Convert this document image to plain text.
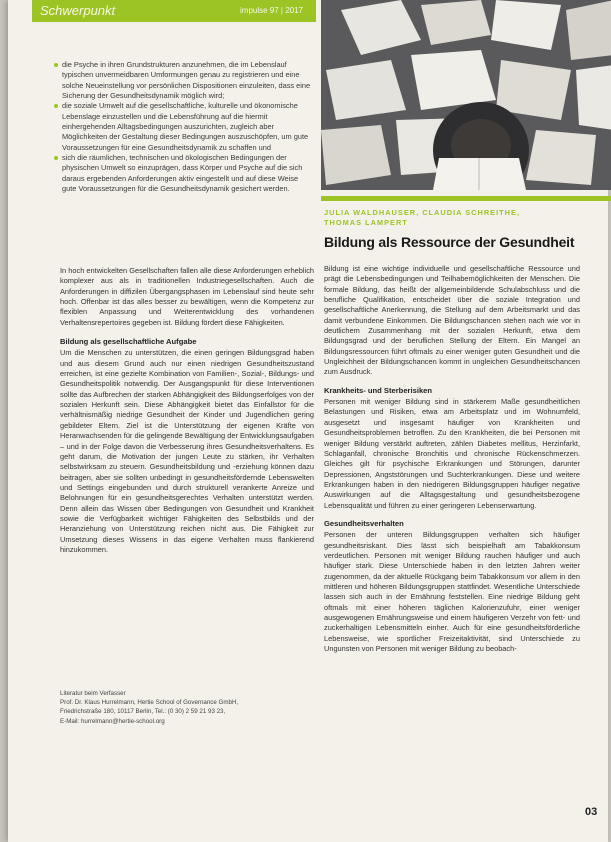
Schwerpunkt	impulse 97 | 2017
die Psyche in ihren Grundstrukturen anzunehmen, die im Lebenslauf typischen unvermeidbaren Umformungen genau zu registrieren und eine solche Neueinstellung vor persönlichen Dispositionen einzuleiten, dass eine Sicherung der Gesundheitsdynamik möglich wird;
die soziale Umwelt auf die gesellschaftliche, kulturelle und ökonomische Lebenslage einzustellen und die Lebensführung auf die hiermit einhergehenden Alltagsbedingungen auszurichten, zugleich aber Möglichkeiten der Gestaltung dieser Bedingungen auszuschöpfen, um gute Voraussetzungen für eine Gesundheitsdynamik zu schaffen und
sich die räumlichen, technischen und ökologischen Bedingungen der physischen Umwelt so einzuprägen, dass Körper und Psyche auf die sich daraus ergebenden Anforderungen aktiv eingestellt und auf diese Weise gute Voraussetzungen für die Gesundheitsdynamik gesichert werden.

In hoch entwickelten Gesellschaften fallen alle diese Anforderungen erheblich komplexer aus als in traditionellen Industriegesellschaften. Auch die Anforderungen in diffizilen Übergangsphasen im Lebenslauf sind heute sehr hoch. Offenbar ist das alles besser zu bewältigen, wenn die Kompetenz zur flexiblen Anpassung und Weiterentwicklung des vorhandenen Verhaltensrepertoires gegeben ist. Bildung fördert diese Fähigkeiten.

Bildung als gesellschaftliche Aufgabe

Um die Menschen zu unterstützen, die einen geringen Bildungsgrad haben und aus diesem Grund auch nur einen niedrigen Gesundheitszustand erreichen, ist eine gezielte Kombination von Familien-, Sozial-, Bildungs- und Gesundheitspolitik notwendig. Der Ausgangspunkt für diese Interventionen sollte das Aufbrechen der starken Abhängigkeit des Bildungserfolges von der sozialen Herkunft sein. Diese Abhängigkeit bietet das Einfallstor für die verhältnismäßig niedrige Gesundheit der Kinder und Jugendlichen gering gebildeter Eltern. Ziel ist die Unterstützung der eigenen Kräfte von Heranwachsenden für die gelingende Bewältigung der Entwicklungsaufgaben – und in der Folge davon die Verbesserung ihres Gesundheitsverhaltens. Es geht darum, die Motivation der jungen Leute zu stärken, ihr Verhalten selbstwirksam zu steuern. Gesundheitsbildung und -erziehung können dazu beitragen, aber sie sollten unbedingt in gesundheitsfördernde Lebenswelten und Settings eingebunden und durch strukturell verankerte Anreize und Belohnungen für ein gesundheitsgerechtes Verhalten unterstützt werden. Denn allein das Wissen über Bedingungen von Gesundheit und Krankheit sowie die Verfügbarkeit wichtiger Fähigkeiten des Selbstbilds und der Heranziehung von Unterstützung reichen nicht aus. Die Fähigkeit zur Umsetzung dieses Wissens in das eigene Verhalten muss flankierend hinzukommen.

Literatur beim Verfasser
Prof. Dr. Klaus Hurrelmann, Hertie School of Governance GmbH,
Friedrichstraße 180, 10117 Berlin, Tel.: (0 30) 2 59 21 93 23,
E-Mail: hurrelmann@hertie-school.org
JULIA WALDHAUSER, CLAUDIA SCHREITHE,
THOMAS LAMPERT
Bildung als Ressource der Gesundheit

Bildung ist eine wichtige individuelle und gesellschaftliche Ressource und prägt die Lebensbedingungen und Teilhabemöglichkeiten der Menschen. Die formale Bildung, das heißt der allgemeinbildende Schulabschluss und die berufliche Qualifikation, entscheidet über die soziale Integration und gesellschaftliche Anerkennung, die Stellung auf dem Arbeitsmarkt und das damit verbundene Einkommen. Die Bildungschancen stehen nach wie vor in deutlichem Zusammenhang mit der sozialen Herkunft, etwa dem Bildungsgrad und der beruflichen Stellung der Eltern. Ein Mangel an Bildungsressourcen führt oftmals zu einer weniger guten Gesundheit und die Ungleichheit der Bildungschancen kommt in ungleichen Gesundheitschancen zum Ausdruck.

Krankheits- und Sterberisiken

Personen mit weniger Bildung sind in stärkerem Maße gesundheitlichen Belastungen und Risiken, etwa am Arbeitsplatz und im Wohnumfeld, ausgesetzt und insgesamt häufiger von Krankheiten und Gesundheitsproblemen betroffen. Zu den Krankheiten, die bei Personen mit weniger Bildung verstärkt auftreten, zählen Diabetes mellitus, Herzinfarkt, Schlaganfall, chronische Bronchitis und chronische Rückenschmerzen. Gleiches gilt für psychische Erkrankungen und Störungen, darunter Depressionen, Angststörungen und Suchterkrankungen. Diese und weitere Erkrankungen haben in den niedrigeren Bildungsgruppen häufiger negative Auswirkungen auf die Alltagsgestaltung und gesundheitsbezogene Lebensqualität und führen zu einer geringeren Lebenserwartung.

Gesundheitsverhalten

Personen der unteren Bildungsgruppen verhalten sich häufiger gesundheitsriskant. Dies lässt sich beispielhaft am Tabakkonsum verdeutlichen. Personen mit weniger Bildung rauchen häufiger und auch häufiger stark. Diese Unterschiede haben in den letzten Jahren weiter zugenommen, da der aktuelle Rückgang beim Tabakkonsum vor allem in den mittleren und höheren Bildungsgruppen stattfindet. Wesentliche Unterschiede lassen sich auch in der Ernährung feststellen. Eine niedrige Bildung geht oftmals mit einer höheren täglichen Kalorienzufuhr, einer weniger ausgewogenen Ernährungsweise und einem häufigeren Verzehr von fett- und zuckerhaltigen Lebensmitteln einher. Auch für eine gesundheitsförderliche Lebensweise, wie sportlicher Freizeitaktivität, sind Unterschiede zu Ungunsten von Personen mit weniger Bildung zu beobach-

03
